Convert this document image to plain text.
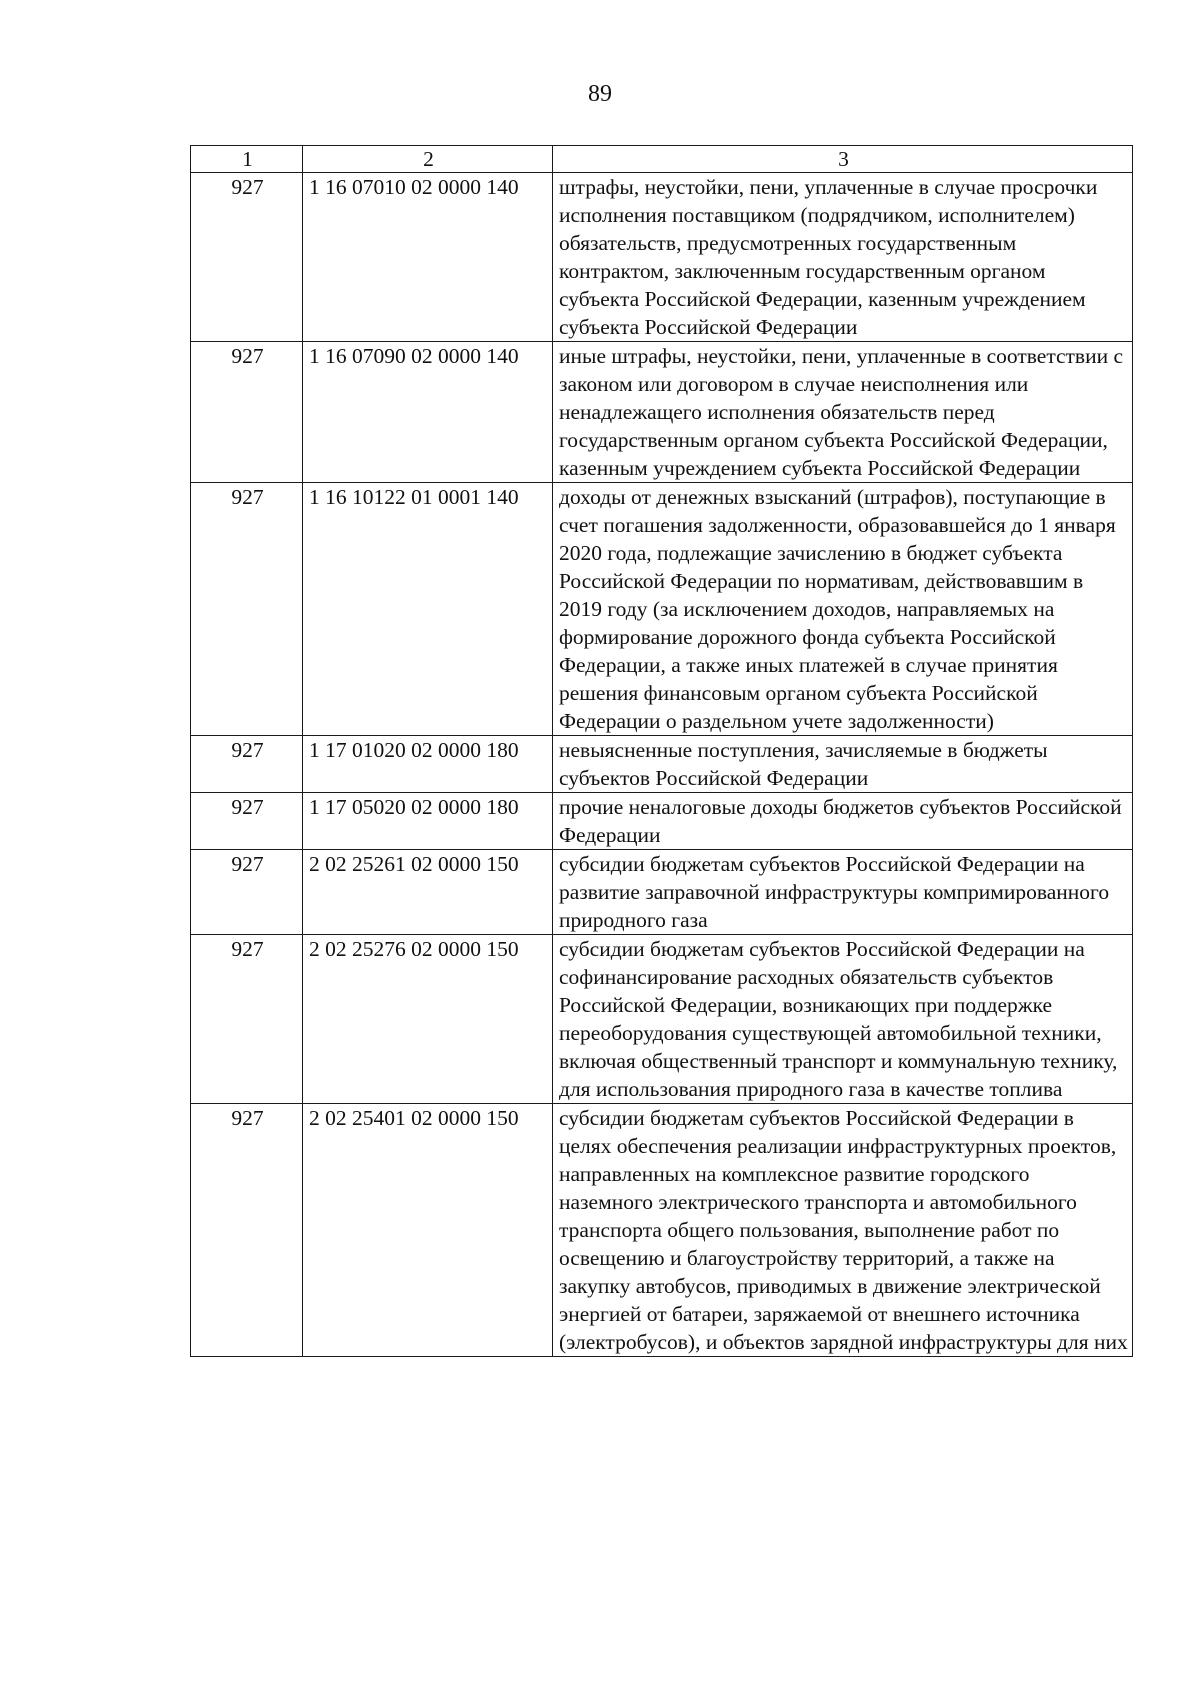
89
1	2	3
927	1 16 07010 02 0000 140	штрафы, неустойки, пени, уплаченные в случае просрочки исполнения поставщиком (подрядчиком, исполнителем) обязательств, предусмотренных государственным контрактом, заключенным государственным органом субъекта Российской Федерации, казенным учреждением субъекта Российской Федерации
927	1 16 07090 02 0000 140	иные штрафы, неустойки, пени, уплаченные в соответствии с законом или договором в случае неисполнения или ненадлежащего исполнения обязательств перед государственным органом субъекта Российской Федерации, казенным учреждением субъекта Российской Федерации
927	1 16 10122 01 0001 140	доходы от денежных взысканий (штрафов), поступающие в счет погашения задолженности, образовавшейся до 1 января 2020 года, подлежащие зачислению в бюджет субъекта Российской Федерации по нормативам, действовавшим в 2019 году (за исключением доходов, направляемых на формирование дорожного фонда субъекта Российской Федерации, а также иных платежей в случае принятия решения финансовым органом субъекта Российской Федерации о раздельном учете задолженности)
927	1 17 01020 02 0000 180	невыясненные поступления, зачисляемые в бюджеты субъектов Российской Федерации
927	1 17 05020 02 0000 180	прочие неналоговые доходы бюджетов субъектов Российской Федерации
927	2 02 25261 02 0000 150	субсидии бюджетам субъектов Российской Федерации на развитие заправочной инфраструктуры компримированного природного газа
927	2 02 25276 02 0000 150	субсидии бюджетам субъектов Российской Федерации на софинансирование расходных обязательств субъектов Российской Федерации, возникающих при поддержке переоборудования существующей автомобильной техники, включая общественный транспорт и коммунальную технику, для использования природного газа в качестве топлива
927	2 02 25401 02 0000 150	субсидии бюджетам субъектов Российской Федерации в целях обеспечения реализации инфраструктурных проектов, направленных на комплексное развитие городского наземного электрического транспорта и автомобильного транспорта общего пользования, выполнение работ по освещению и благоустройству территорий, а также на закупку автобусов, приводимых в движение электрической энергией от батареи, заряжаемой от внешнего источника (электробусов), и объектов зарядной инфраструктуры для них
